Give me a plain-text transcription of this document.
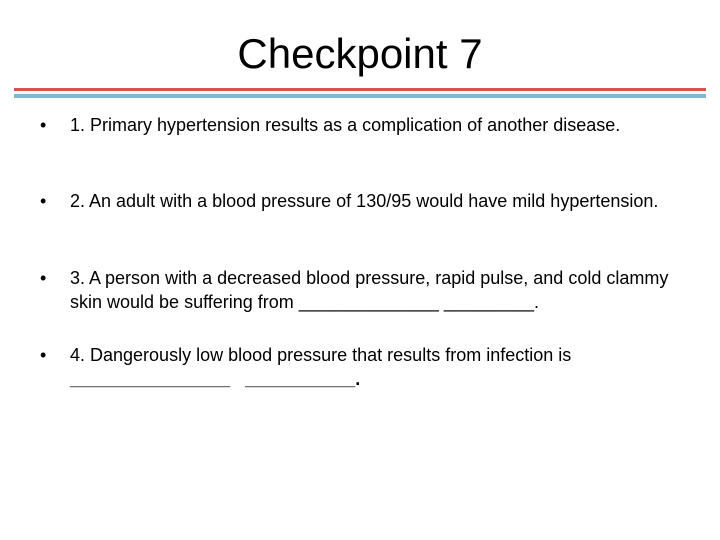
Checkpoint 7
•	1. Primary hypertension results as a complication of another disease.
•	2. An adult with a blood pressure of 130/95 would have mild hypertension.
•	3. A person with a decreased blood pressure, rapid pulse, and cold clammy skin would be suffering from ______________ _________.
•	4. Dangerously low blood pressure that results from infection is
________________   ___________.
